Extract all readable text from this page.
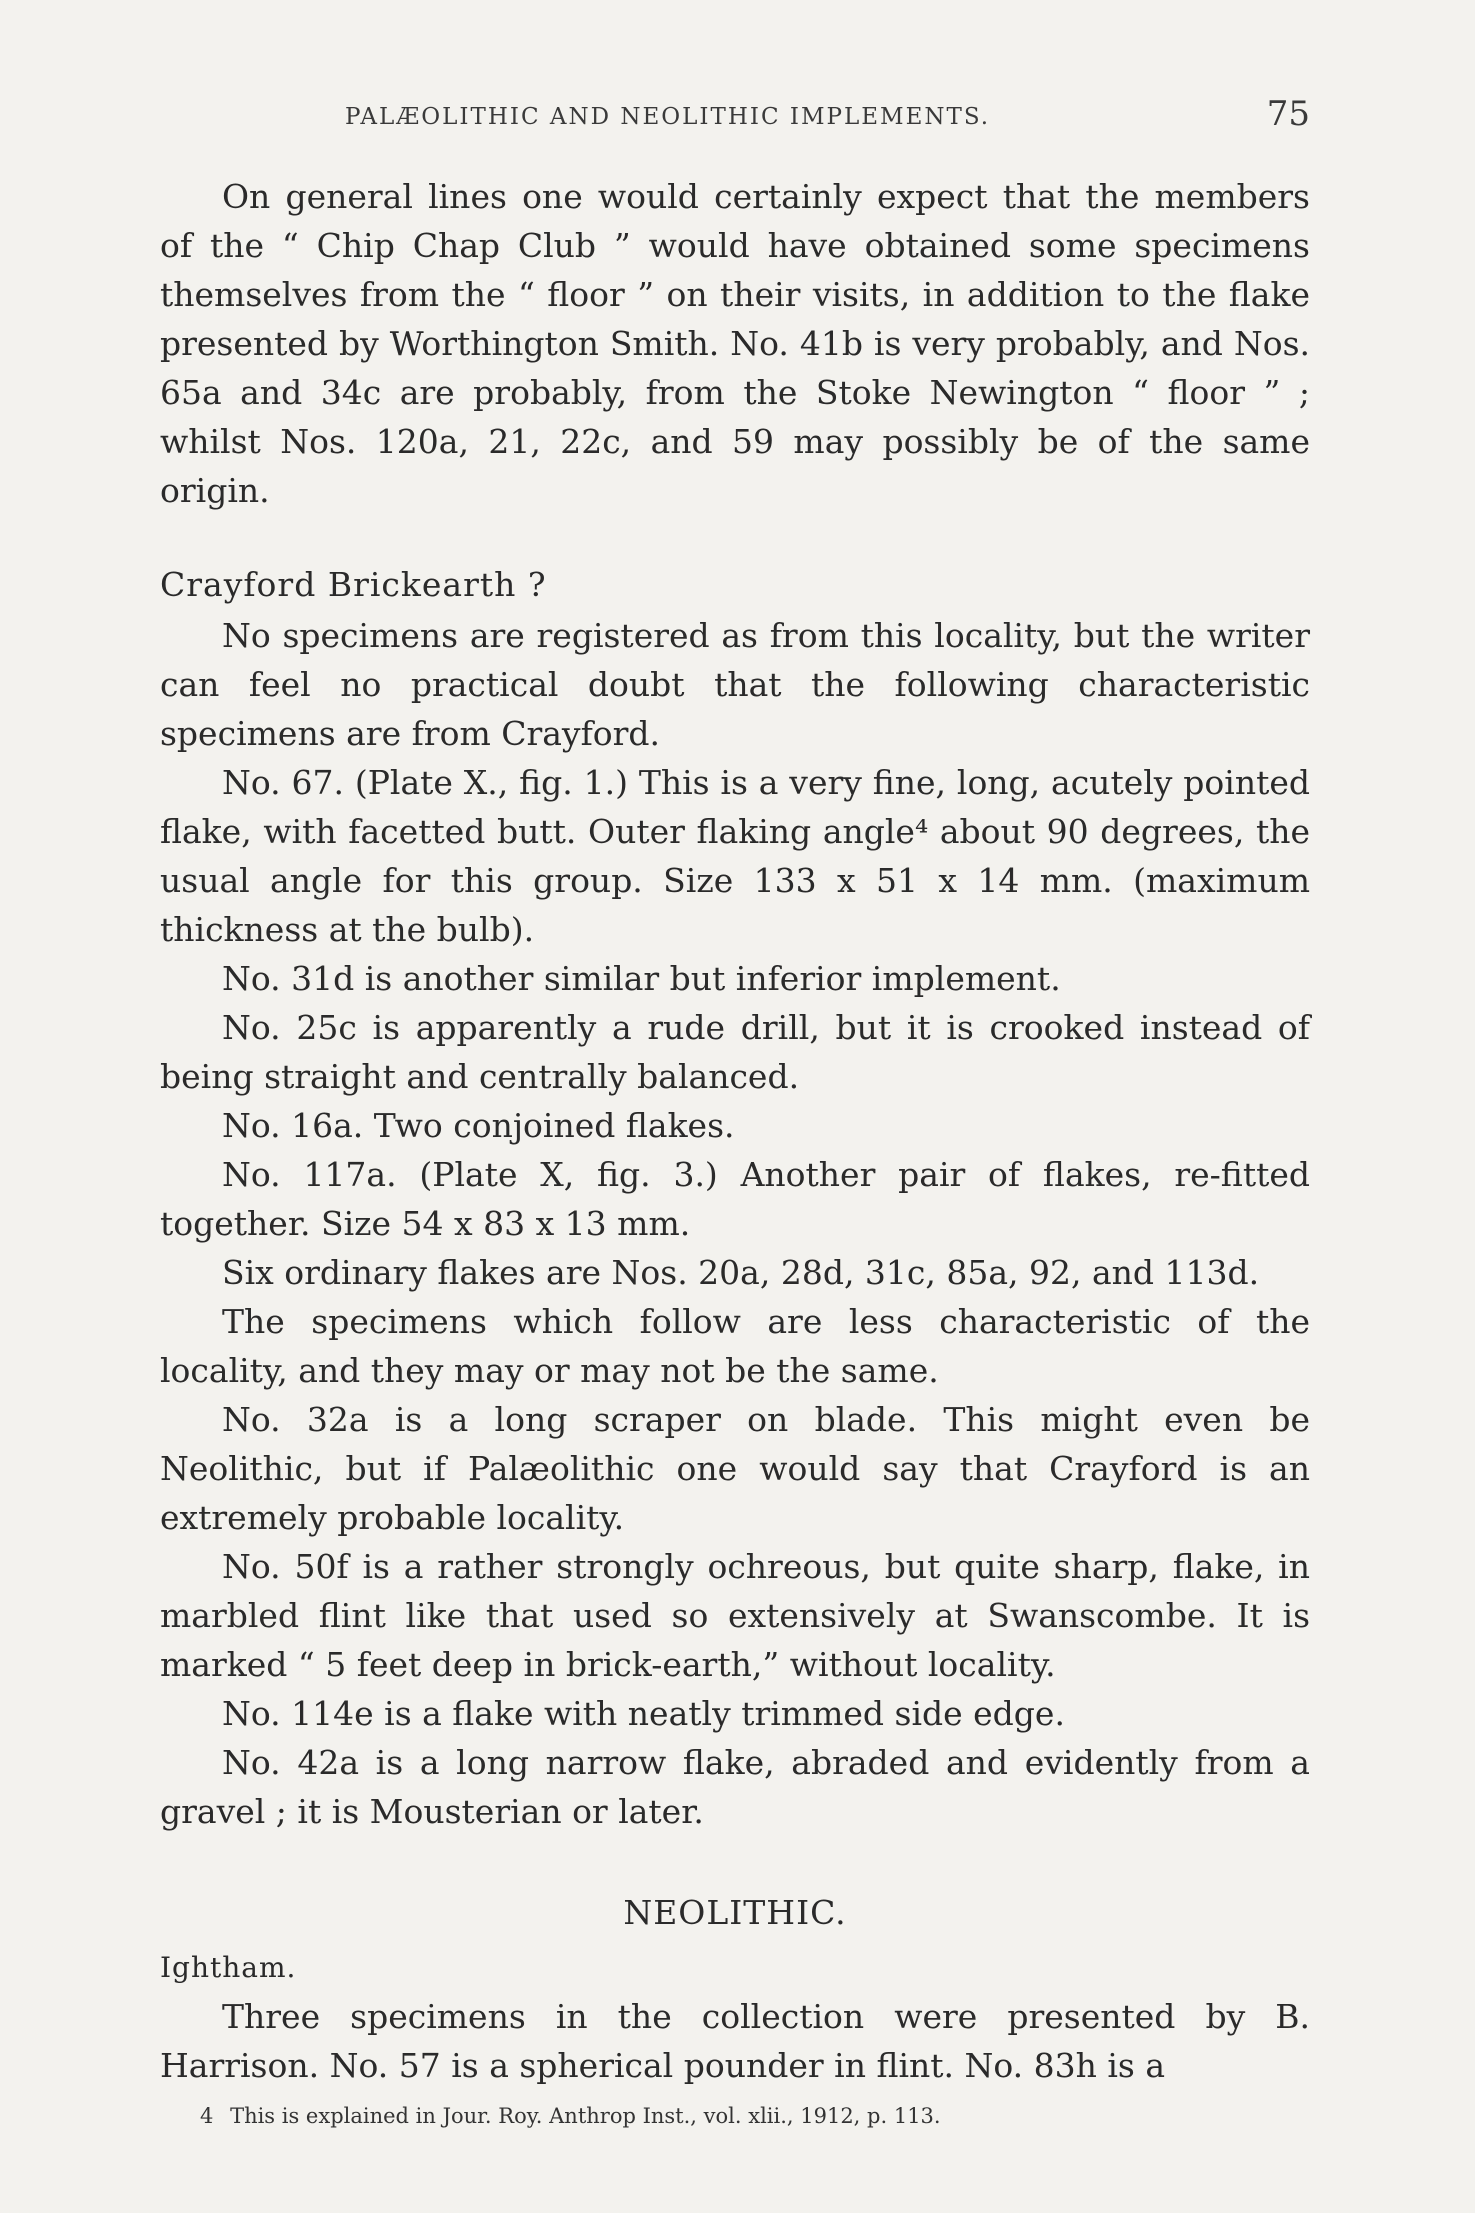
PALÆOLITHIC AND NEOLITHIC IMPLEMENTS.	75

On general lines one would certainly expect that the members of the “ Chip Chap Club ” would have obtained some specimens themselves from the “ floor ” on their visits, in addition to the flake presented by Worthington Smith. No. 41b is very probably, and Nos. 65a and 34c are probably, from the Stoke Newington “ floor ” ; whilst Nos. 120a, 21, 22c, and 59 may possibly be of the same origin.

Crayford Brickearth ?

No specimens are registered as from this locality, but the writer can feel no practical doubt that the following characteristic specimens are from Crayford.

No. 67. (Plate X., fig. 1.) This is a very fine, long, acutely pointed flake, with facetted butt. Outer flaking angle⁴ about 90 degrees, the usual angle for this group. Size 133 x 51 x 14 mm. (maximum thickness at the bulb).

No. 31d is another similar but inferior implement.

No. 25c is apparently a rude drill, but it is crooked instead of being straight and centrally balanced.

No. 16a. Two conjoined flakes.

No. 117a. (Plate X, fig. 3.) Another pair of flakes, re-fitted together. Size 54 x 83 x 13 mm.

Six ordinary flakes are Nos. 20a, 28d, 31c, 85a, 92, and 113d.

The specimens which follow are less characteristic of the locality, and they may or may not be the same.

No. 32a is a long scraper on blade. This might even be Neolithic, but if Palæolithic one would say that Crayford is an extremely probable locality.

No. 50f is a rather strongly ochreous, but quite sharp, flake, in marbled flint like that used so extensively at Swanscombe. It is marked “ 5 feet deep in brick-earth,” without locality.

No. 114e is a flake with neatly trimmed side edge.

No. 42a is a long narrow flake, abraded and evidently from a gravel ; it is Mousterian or later.

NEOLITHIC.

Ightham.

Three specimens in the collection were presented by B. Harrison. No. 57 is a spherical pounder in flint. No. 83h is a

4 This is explained in Jour. Roy. Anthrop Inst., vol. xlii., 1912, p. 113.
